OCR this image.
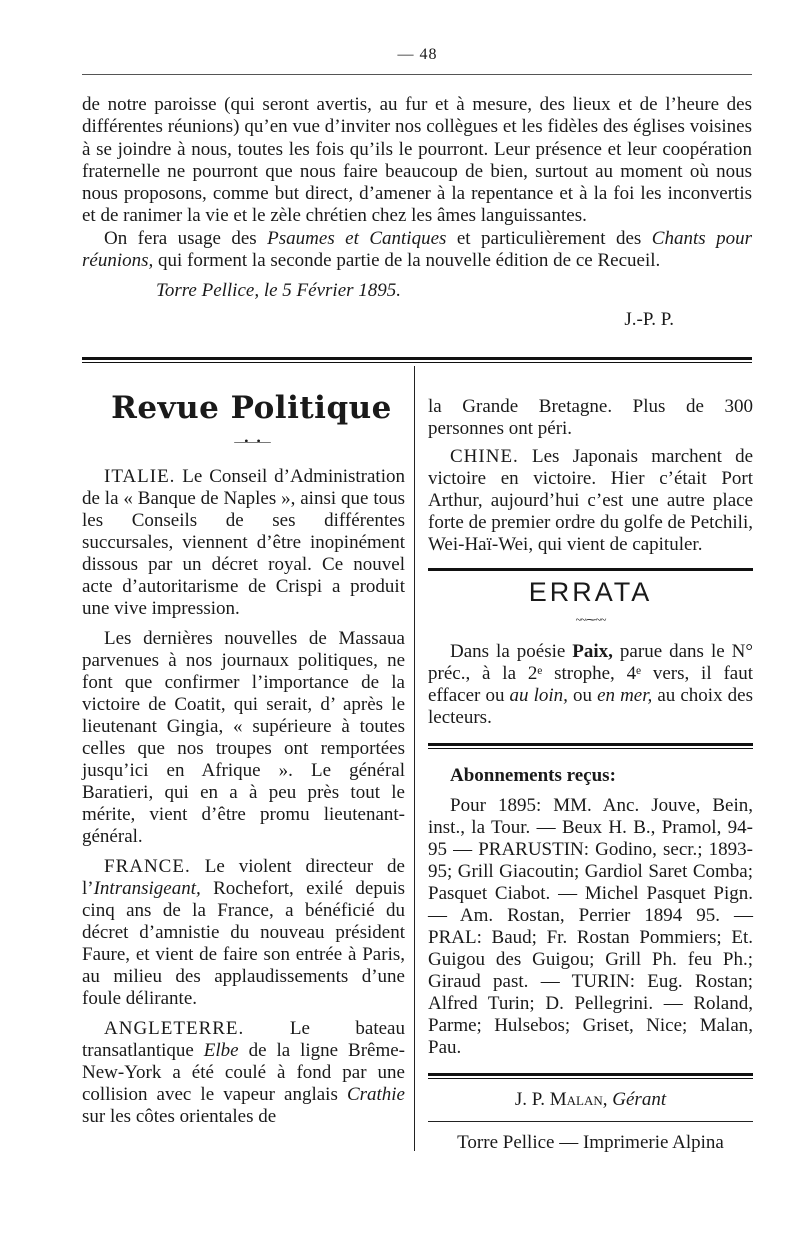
— 48

de notre paroisse (qui seront avertis, au fur et à mesure, des lieux et de l’heure des différentes réunions) qu’en vue d’inviter nos collègues et les fidèles des églises voisines à se joindre à nous, toutes les fois qu’ils le pourront. Leur présence et leur coopération fraternelle ne pourront que nous faire beaucoup de bien, surtout au moment où nous nous proposons, comme but direct, d’amener à la repentance et à la foi les inconvertis et de ranimer la vie et le zèle chrétien chez les âmes languissantes.

On fera usage des Psaumes et Cantiques et particulièrement des Chants pour réunions, qui forment la seconde partie de la nouvelle édition de ce Recueil.

Torre Pellice, le 5 Février 1895.

J.-P. P.

Revue Politique
—•—•—

ITALIE. Le Conseil d’Administration de la « Banque de Naples », ainsi que tous les Conseils de ses différentes succursales, viennent d’être inopinément dissous par un décret royal. Ce nouvel acte d’autoritarisme de Crispi a produit une vive impression.

Les dernières nouvelles de Massaua parvenues à nos journaux politiques, ne font que confirmer l’importance de la victoire de Coatit, qui serait, d’ après le lieutenant Gingia, « supérieure à toutes celles que nos troupes ont remportées jusqu’ici en Afrique ». Le général Baratieri, qui en a à peu près tout le mérite, vient d’être promu lieutenant-général.

FRANCE. Le violent directeur de l’Intransigeant, Rochefort, exilé depuis cinq ans de la France, a bénéficié du décret d’amnistie du nouveau président Faure, et vient de faire son entrée à Paris, au milieu des applaudissements d’une foule délirante.

ANGLETERRE. Le bateau transatlantique Elbe de la ligne Brême-New-York a été coulé à fond par une collision avec le vapeur anglais Crathie sur les côtes orientales de

la Grande Bretagne. Plus de 300 personnes ont péri.

CHINE. Les Japonais marchent de victoire en victoire. Hier c’était Port Arthur, aujourd’hui c’est une autre place forte de premier ordre du golfe de Petchili, Wei-Haï-Wei, qui vient de capituler.

ERRATA
~~⁓~~

Dans la poésie Paix, parue dans le N° préc., à la 2ᵉ strophe, 4ᵉ vers, il faut effacer ou au loin, ou en mer, au choix des lecteurs.

Abonnements reçus:

Pour 1895: MM. Anc. Jouve, Bein, inst., la Tour. — Beux H. B., Pramol, 94-95 — PRARUSTIN: Godino, secr.; 1893-95; Grill Giacoutin; Gardiol Saret Comba; Pasquet Ciabot. — Michel Pasquet Pign. — Am. Rostan, Perrier 1894 95. — PRAL: Baud; Fr. Rostan Pommiers; Et. Guigou des Guigou; Grill Ph. feu Ph.; Giraud past. — TURIN: Eug. Rostan; Alfred Turin; D. Pellegrini. — Roland, Parme; Hulsebos; Griset, Nice; Malan, Pau.

J. P. Malan, Gérant

Torre Pellice — Imprimerie Alpina
